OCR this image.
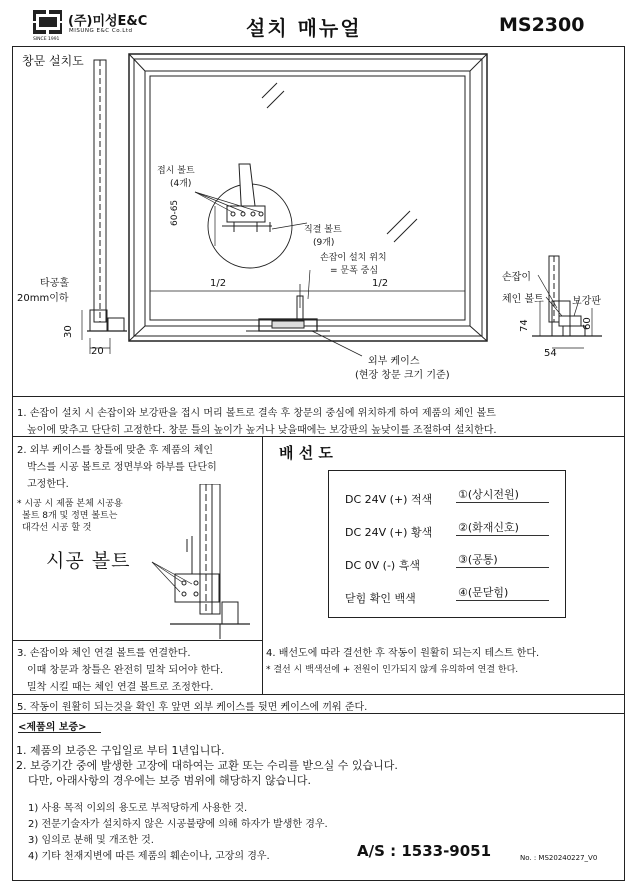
SINCE 1991
(주)미성E&C
MISUNG E&C Co.Ltd	설치 매뉴얼	MS2300
창문 설치도
접시 볼트
(4개)
60-65
직결 볼트
(9개)
손잡이 설치 위치
= 문폭 중심
1/2	1/2
타공홀
20mm이하
30
20
외부 케이스
(현장 창문 크기 기준)
손잡이
체인 볼트	보강판
74	60
54
1. 손잡이 설치 시 손잡이와 보강판을 접시 머리 볼트로 결속 후 창문의 중심에 위치하게 하여 제품의 체인 볼트
높이에 맞추고 단단히 고정한다. 창문 틀의 높이가 높거나 낮을때에는 보강판의 높낮이를 조절하여 설치한다.
2. 외부 케이스를 창틀에 맞춘 후 제품의 체인
박스를 시공 볼트로 정면부와 하부를 단단히
고정한다.
* 시공 시 제품 본체 시공용
볼트 8개 및 정면 볼트는
대각선 시공 할 것
시공 볼트
3. 손잡이와 체인 연결 볼트를 연결한다.
이때 창문과 창틀은 완전히 밀착 되어야 한다.
밀착 시킬 때는 체인 연결 볼트로 조정한다.
배 선 도
DC 24V (+) 적색 ①(상시전원)
DC 24V (+) 황색 ②(화재신호)
DC 0V (-) 흑색	③(공통)
닫힘 확인 백색	④(문닫힘)
4. 배선도에 따라 결선한 후 작동이 원활히 되는지 테스트 한다.
* 결선 시 백색선에 + 전원이 인가되지 않게 유의하여 연결 한다.
5. 작동이 원활히 되는것을 확인 후 앞면 외부 케이스를 뒷면 케이스에 끼워 준다.
<제품의 보증>
1. 제품의 보증은 구입일로 부터 1년입니다.
2. 보증기간 중에 발생한 고장에 대하여는 교환 또는 수리를 받으실 수 있습니다.
다만, 아래사항의 경우에는 보증 범위에 해당하지 않습니다.
1) 사용 목적 이외의 용도로 부적당하게 사용한 것.
2) 전문기술자가 설치하지 않은 시공불량에 의해 하자가 발생한 경우.
3) 임의로 분해 및 개조한 것.
4) 기타 천재지변에 따른 제품의 훼손이나, 고장의 경우.	A/S : 1533-9051	No. : MS20240227_V0
